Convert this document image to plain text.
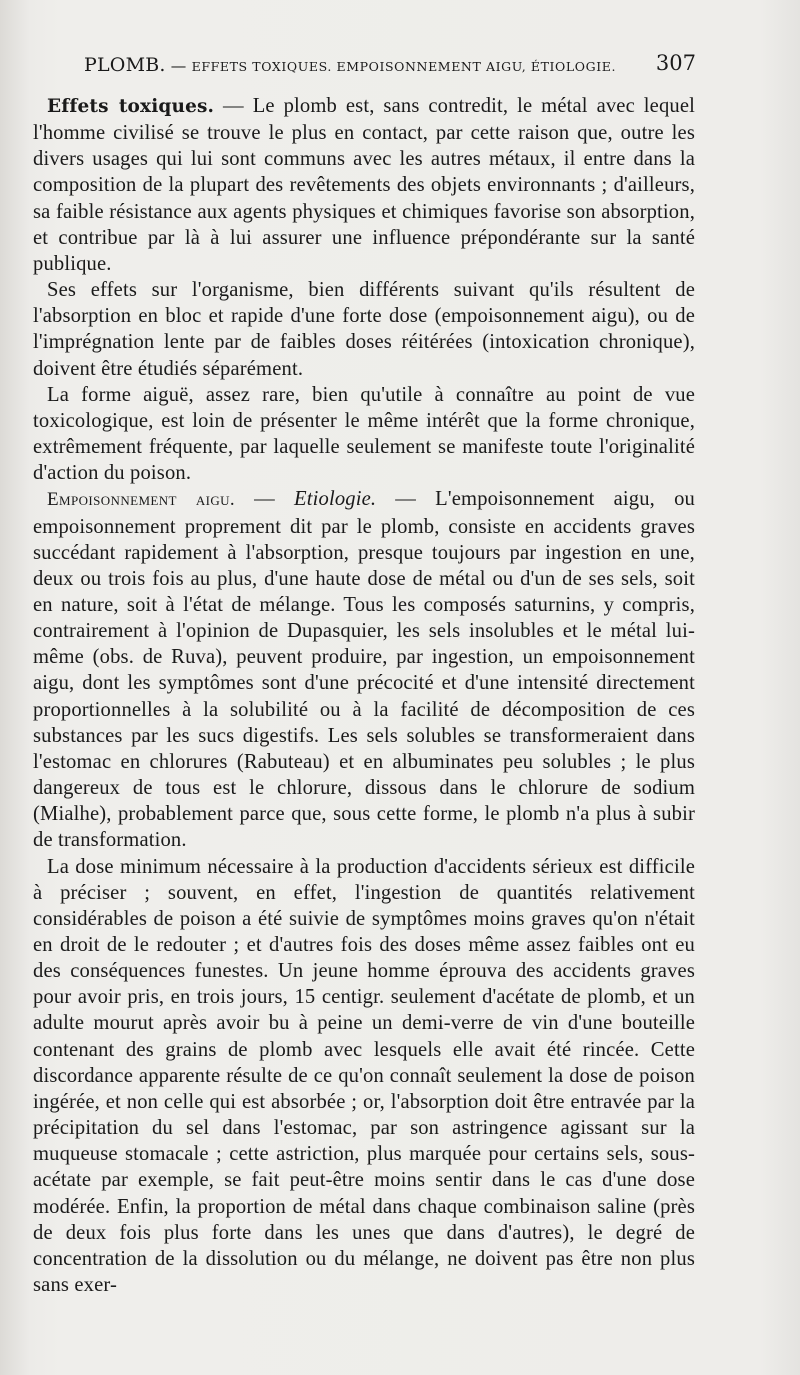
PLOMB. — EFFETS TOXIQUES. EMPOISONNEMENT AIGU, ÉTIOLOGIE. 307

Effets toxiques. — Le plomb est, sans contredit, le métal avec lequel l'homme civilisé se trouve le plus en contact, par cette raison que, outre les divers usages qui lui sont communs avec les autres métaux, il entre dans la composition de la plupart des revêtements des objets environnants ; d'ailleurs, sa faible résistance aux agents physiques et chimiques favorise son absorption, et contribue par là à lui assurer une influence prépondérante sur la santé publique.

Ses effets sur l'organisme, bien différents suivant qu'ils résultent de l'absorption en bloc et rapide d'une forte dose (empoisonnement aigu), ou de l'imprégnation lente par de faibles doses réitérées (intoxication chronique), doivent être étudiés séparément.

La forme aiguë, assez rare, bien qu'utile à connaître au point de vue toxicologique, est loin de présenter le même intérêt que la forme chronique, extrêmement fréquente, par laquelle seulement se manifeste toute l'originalité d'action du poison.

Empoisonnement aigu. — Etiologie. — L'empoisonnement aigu, ou empoisonnement proprement dit par le plomb, consiste en accidents graves succédant rapidement à l'absorption, presque toujours par ingestion en une, deux ou trois fois au plus, d'une haute dose de métal ou d'un de ses sels, soit en nature, soit à l'état de mélange. Tous les composés saturnins, y compris, contrairement à l'opinion de Dupasquier, les sels insolubles et le métal lui-même (obs. de Ruva), peuvent produire, par ingestion, un empoisonnement aigu, dont les symptômes sont d'une précocité et d'une intensité directement proportionnelles à la solubilité ou à la facilité de décomposition de ces substances par les sucs digestifs. Les sels solubles se transformeraient dans l'estomac en chlorures (Rabuteau) et en albuminates peu solubles ; le plus dangereux de tous est le chlorure, dissous dans le chlorure de sodium (Mialhe), probablement parce que, sous cette forme, le plomb n'a plus à subir de transformation.

La dose minimum nécessaire à la production d'accidents sérieux est difficile à préciser ; souvent, en effet, l'ingestion de quantités relativement considérables de poison a été suivie de symptômes moins graves qu'on n'était en droit de le redouter ; et d'autres fois des doses même assez faibles ont eu des conséquences funestes. Un jeune homme éprouva des accidents graves pour avoir pris, en trois jours, 15 centigr. seulement d'acétate de plomb, et un adulte mourut après avoir bu à peine un demi-verre de vin d'une bouteille contenant des grains de plomb avec lesquels elle avait été rincée. Cette discordance apparente résulte de ce qu'on connaît seulement la dose de poison ingérée, et non celle qui est absorbée ; or, l'absorption doit être entravée par la précipitation du sel dans l'estomac, par son astringence agissant sur la muqueuse stomacale ; cette astriction, plus marquée pour certains sels, sous-acétate par exemple, se fait peut-être moins sentir dans le cas d'une dose modérée. Enfin, la proportion de métal dans chaque combinaison saline (près de deux fois plus forte dans les unes que dans d'autres), le degré de concentration de la dissolution ou du mélange, ne doivent pas être non plus sans exer-
